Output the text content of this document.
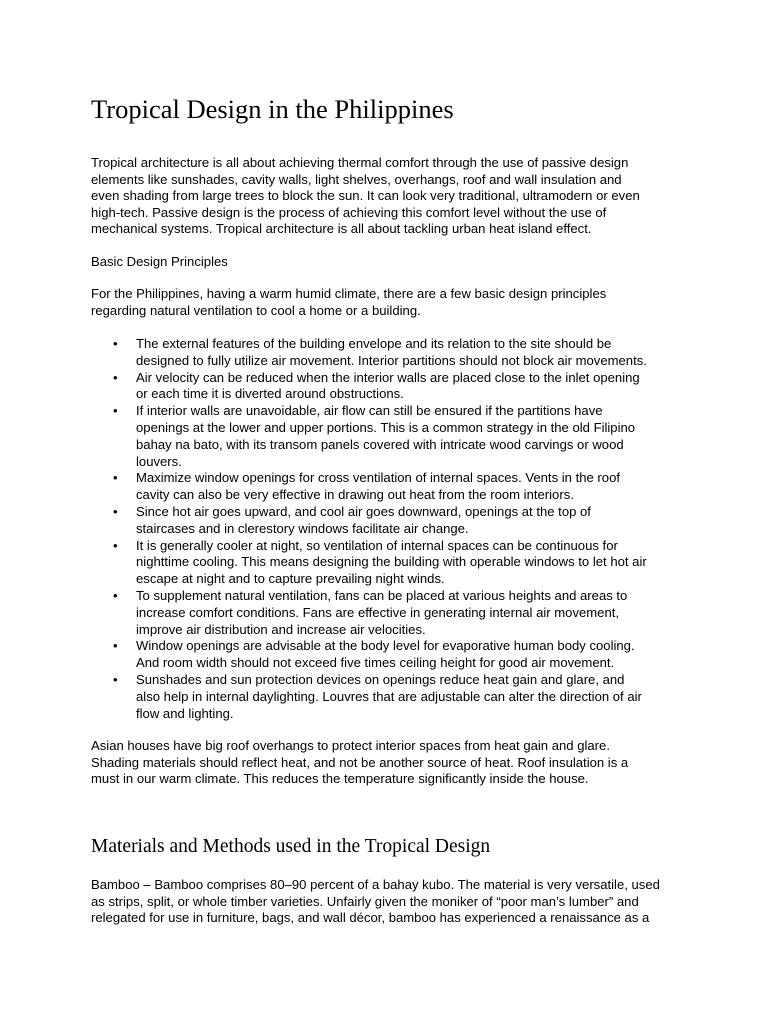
Tropical Design in the Philippines

Tropical architecture is all about achieving thermal comfort through the use of passive design
elements like sunshades, cavity walls, light shelves, overhangs, roof and wall insulation and
even shading from large trees to block the sun. It can look very traditional, ultramodern or even
high-tech. Passive design is the process of achieving this comfort level without the use of
mechanical systems. Tropical architecture is all about tackling urban heat island effect.

Basic Design Principles

For the Philippines, having a warm humid climate, there are a few basic design principles
regarding natural ventilation to cool a home or a building.

• The external features of the building envelope and its relation to the site should be
designed to fully utilize air movement. Interior partitions should not block air movements.
• Air velocity can be reduced when the interior walls are placed close to the inlet opening
or each time it is diverted around obstructions.
• If interior walls are unavoidable, air flow can still be ensured if the partitions have
openings at the lower and upper portions. This is a common strategy in the old Filipino
bahay na bato, with its transom panels covered with intricate wood carvings or wood
louvers.
• Maximize window openings for cross ventilation of internal spaces. Vents in the roof
cavity can also be very effective in drawing out heat from the room interiors.
• Since hot air goes upward, and cool air goes downward, openings at the top of
staircases and in clerestory windows facilitate air change.
• It is generally cooler at night, so ventilation of internal spaces can be continuous for
nighttime cooling. This means designing the building with operable windows to let hot air
escape at night and to capture prevailing night winds.
• To supplement natural ventilation, fans can be placed at various heights and areas to
increase comfort conditions. Fans are effective in generating internal air movement,
improve air distribution and increase air velocities.
• Window openings are advisable at the body level for evaporative human body cooling.
And room width should not exceed five times ceiling height for good air movement.
• Sunshades and sun protection devices on openings reduce heat gain and glare, and
also help in internal daylighting. Louvres that are adjustable can alter the direction of air
flow and lighting.

Asian houses have big roof overhangs to protect interior spaces from heat gain and glare.
Shading materials should reflect heat, and not be another source of heat. Roof insulation is a
must in our warm climate. This reduces the temperature significantly inside the house.

Materials and Methods used in the Tropical Design

Bamboo – Bamboo comprises 80–90 percent of a bahay kubo. The material is very versatile, used
as strips, split, or whole timber varieties. Unfairly given the moniker of “poor man’s lumber” and
relegated for use in furniture, bags, and wall décor, bamboo has experienced a renaissance as a
